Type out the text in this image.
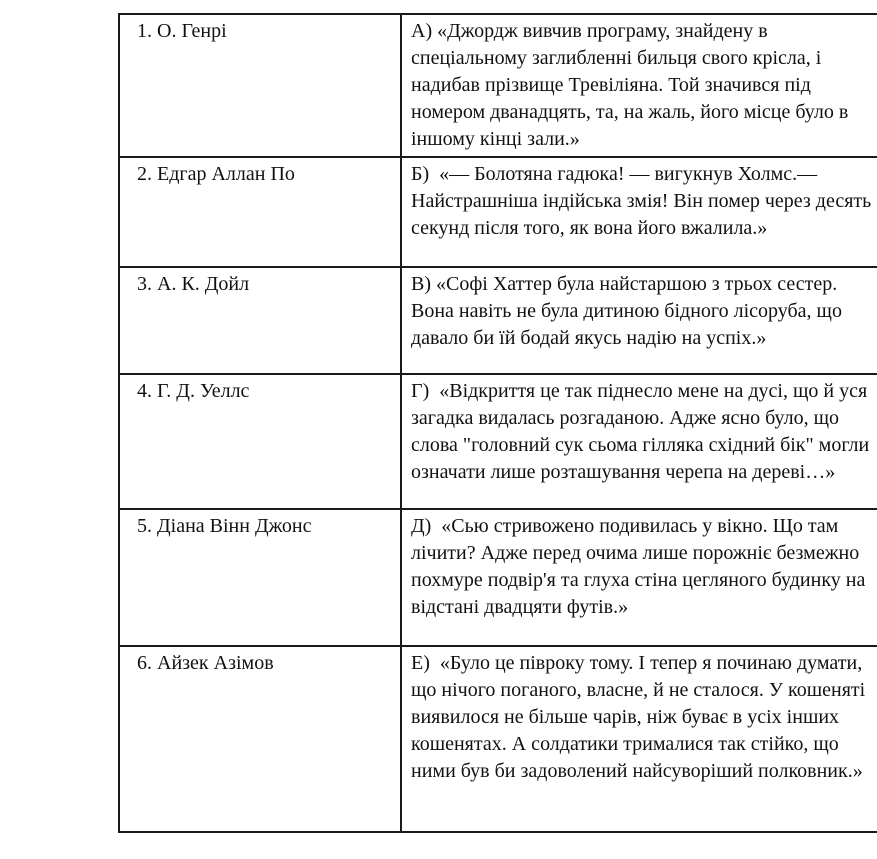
1. О. Генрі	А) «Джордж вивчив програму, знайдену в спеціальному заглибленні бильця свого крісла, і надибав прізвище Тревіліяна. Той значився під номером дванадцять, та, на жаль, його місце було в іншому кінці зали.»
2. Едгар Аллан По	Б)  «— Болотяна гадюка! — вигукнув Холмс.— Найстрашніша індійська змія! Він помер через десять секунд після того, як вона його вжалила.»
3. А. К. Дойл	В) «Софі Хаттер була найстаршою з трьох сестер. Вона навіть не була дитиною бідного лісоруба, що давало би їй бодай якусь надію на успіх.»
4. Г. Д. Уеллс	Г)  «Відкриття це так піднесло мене на дусі, що й уся загадка видалась розгаданою. Адже ясно було, що слова "головний сук сьома гілляка східний бік" могли означати лише розташування черепа на дереві…»
5. Діана Вінн Джонс	Д)  «Сью стривожено подивилась у вікно. Що там лічити? Адже перед очима лише порожніє безмежно похмуре подвір'я та глуха стіна цегляного будинку на відстані двадцяти футів.»
6. Айзек Азімов	Е)  «Було це півроку тому. І тепер я починаю думати, що нічого поганого, власне, й не сталося. У кошеняті виявилося не більше чарів, ніж буває в усіх інших кошенятах. А солдатики трималися так стійко, що ними був би задоволений найсуворіший полковник.»
